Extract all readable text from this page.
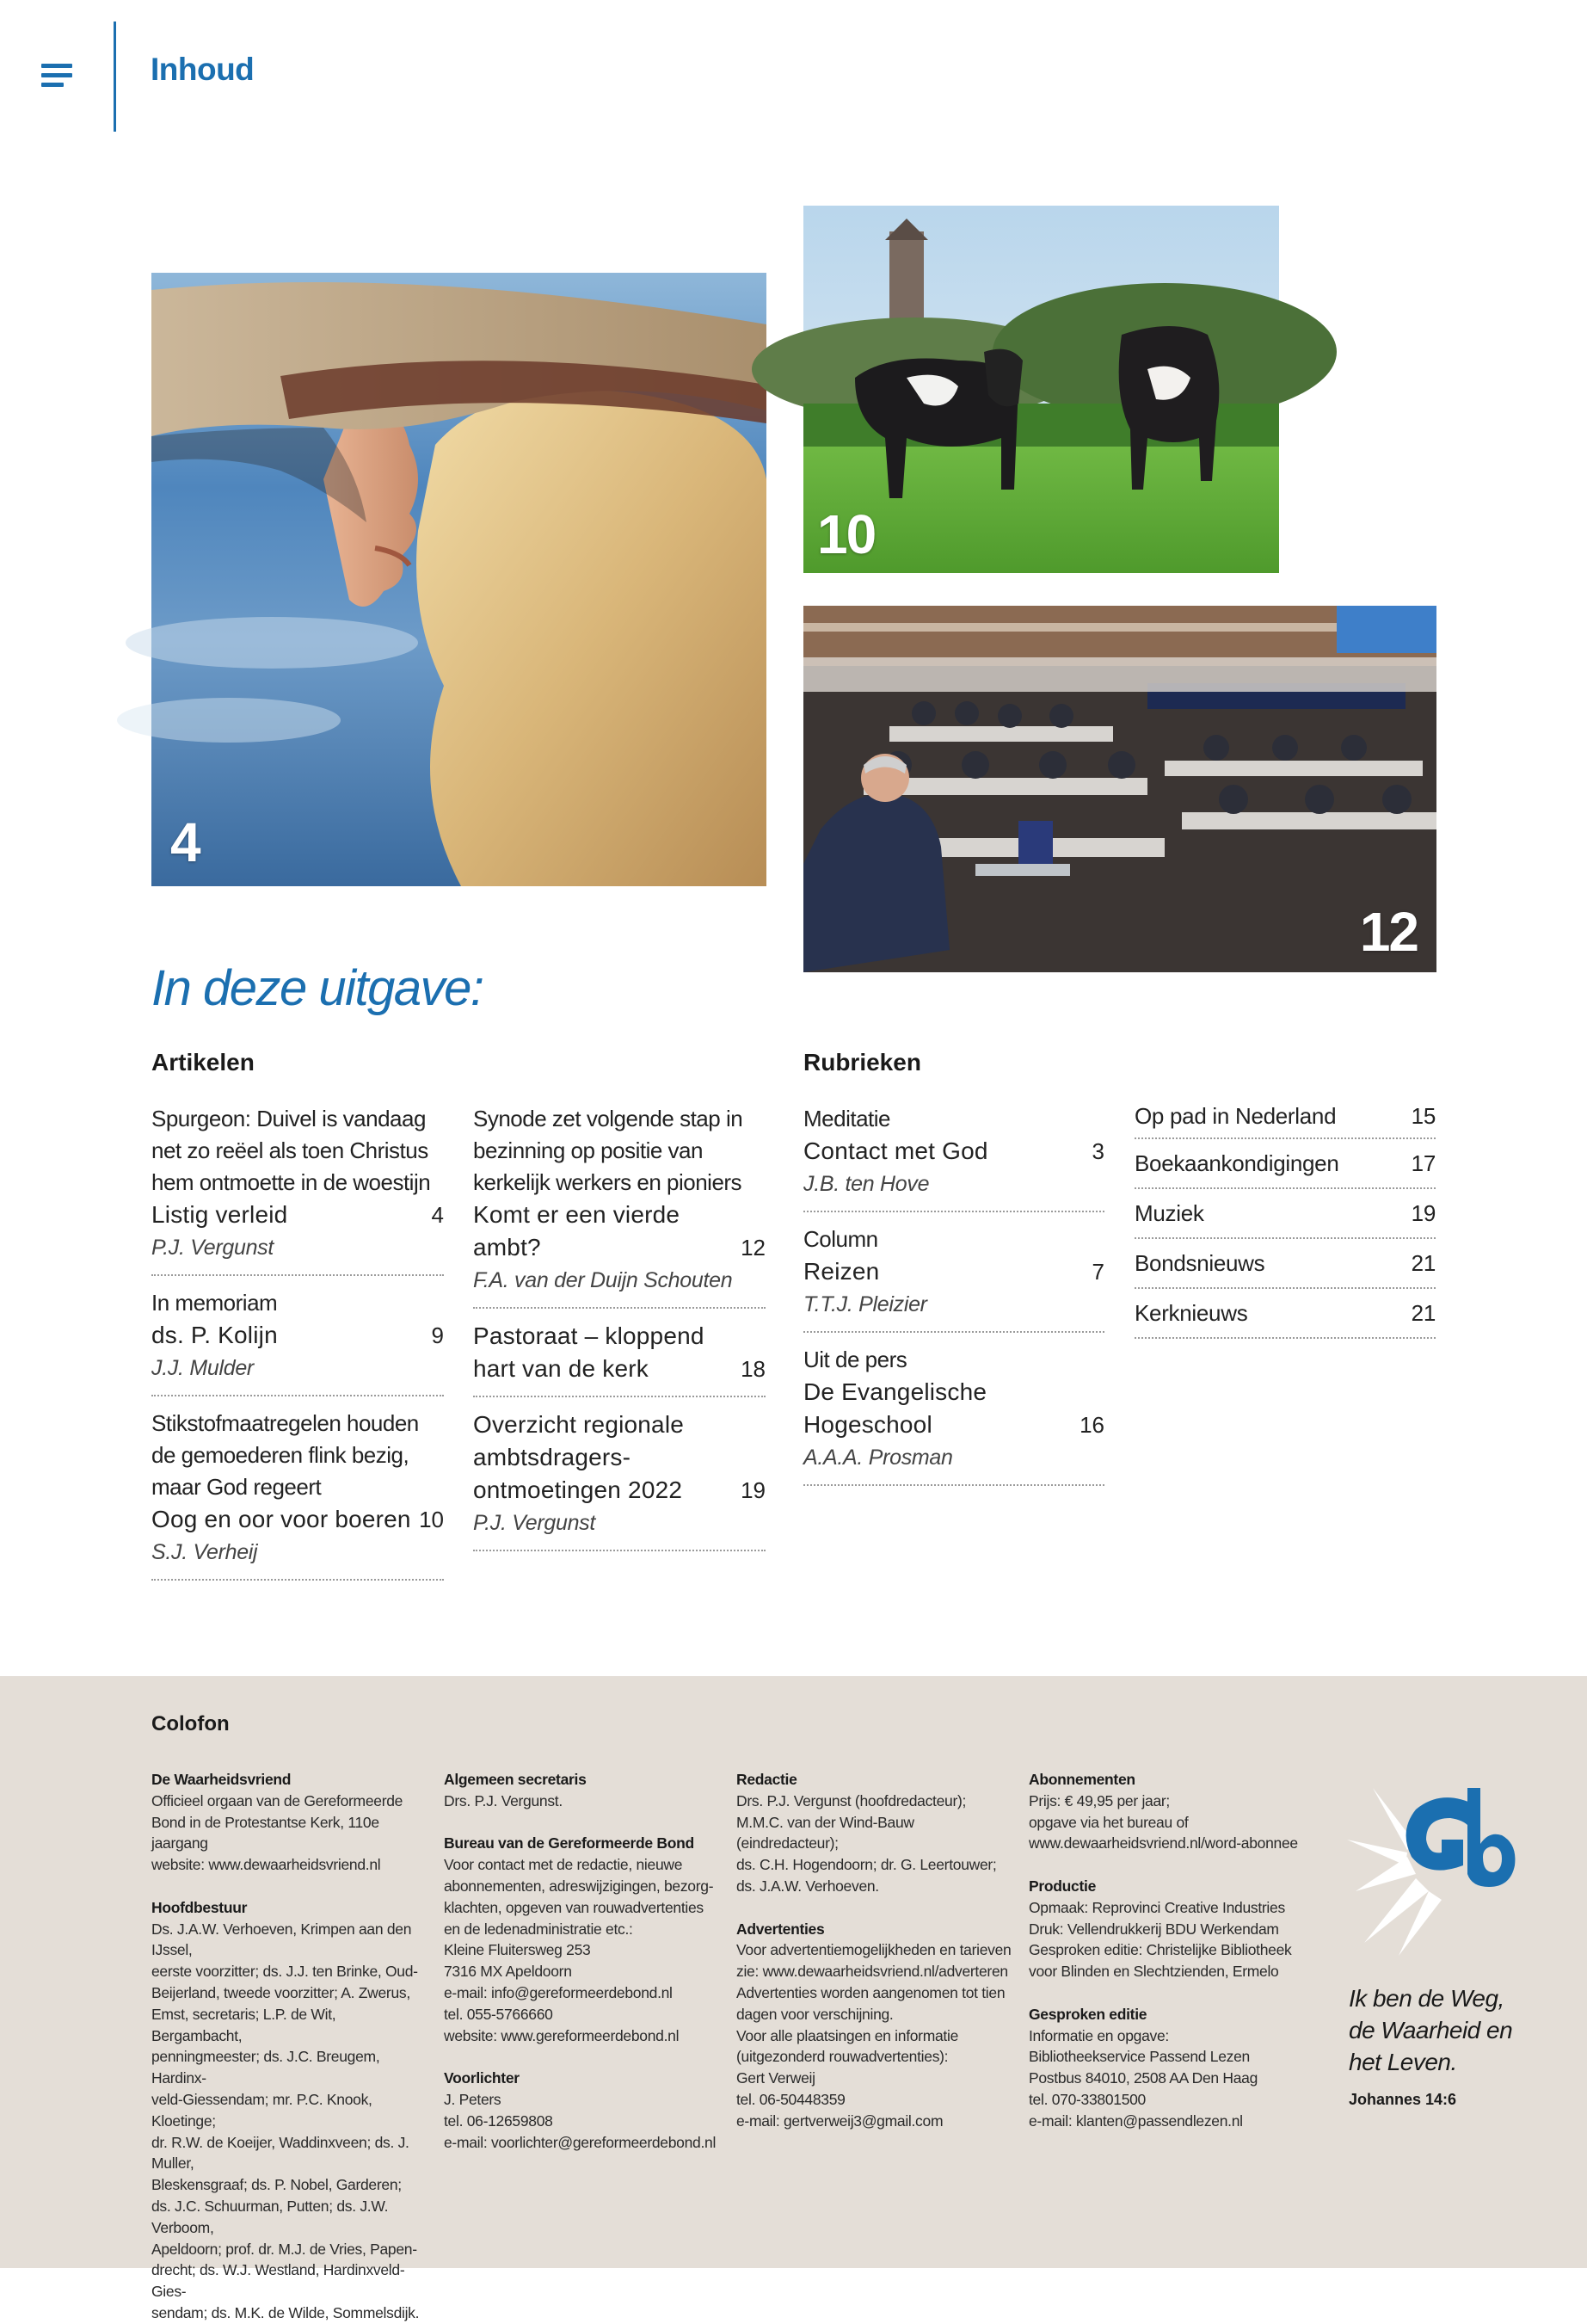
Inhoud
4
10
12
In deze uitgave:
Artikelen	Rubrieken
Spurgeon: Duivel is vandaag net zo reëel als toen Christus hem ontmoette in de woestijn
Listig verleid	4
P.J. Vergunst
In memoriam
ds. P. Kolijn	9
J.J. Mulder
Stikstofmaatregelen houden de gemoederen flink bezig, maar God regeert
Oog en oor voor boeren 10
S.J. Verheij
Synode zet volgende stap in bezinning op positie van kerkelijk werkers en pioniers
Komt er een vierde ambt?	12
F.A. van der Duijn Schouten
Pastoraat – kloppend hart van de kerk	18
Overzicht regionale ambtsdragers-ontmoetingen 2022	19
P.J. Vergunst
Meditatie
Contact met God	3
J.B. ten Hove
Column
Reizen	7
T.T.J. Pleizier
Uit de pers
De Evangelische Hogeschool	16
A.A.A. Prosman
Op pad in Nederland	15
Boekaankondigingen	17
Muziek	19
Bondsnieuws	21
Kerknieuws	21
Colofon
De Waarheidsvriend
Officieel orgaan van de Gereformeerde
Bond in de Protestantse Kerk, 110e jaargang
website: www.dewaarheidsvriend.nl
Hoofdbestuur
Ds. J.A.W. Verhoeven, Krimpen aan den IJssel,
eerste voorzitter; ds. J.J. ten Brinke, Oud-
Beijerland, tweede voorzitter; A. Zwerus,
Emst, secretaris; L.P. de Wit, Bergambacht,
penningmeester; ds. J.C. Breugem, Hardinx-
veld-Giessendam; mr. P.C. Knook, Kloetinge;
dr. R.W. de Koeijer, Waddinxveen; ds. J. Muller,
Bleskensgraaf; ds. P. Nobel, Garderen;
ds. J.C. Schuurman, Putten; ds. J.W. Verboom,
Apeldoorn; prof. dr. M.J. de Vries, Papen-
drecht; ds. W.J. Westland, Hardinxveld-Gies-
sendam; ds. M.K. de Wilde, Sommelsdijk.
Algemeen secretaris
Drs. P.J. Vergunst.
Bureau van de Gereformeerde Bond
Voor contact met de redactie, nieuwe
abonnementen, adreswijzigingen, bezorg-
klachten, opgeven van rouwadvertenties
en de ledenadministratie etc.:
Kleine Fluitersweg 253
7316 MX Apeldoorn
e-mail: info@gereformeerdebond.nl
tel. 055-5766660
website: www.gereformeerdebond.nl
Voorlichter
J. Peters
tel. 06-12659808
e-mail: voorlichter@gereformeerdebond.nl
Redactie
Drs. P.J. Vergunst (hoofdredacteur);
M.M.C. van der Wind-Bauw (eindredacteur);
ds. C.H. Hogendoorn; dr. G. Leertouwer;
ds. J.A.W. Verhoeven.
Advertenties
Voor advertentiemogelijkheden en tarieven
zie: www.dewaarheidsvriend.nl/adverteren
Advertenties worden aangenomen tot tien
dagen voor verschijning.
Voor alle plaatsingen en informatie
(uitgezonderd rouwadvertenties):
Gert Verweij
tel. 06-50448359
e-mail: gertverweij3@gmail.com
Abonnementen
Prijs: € 49,95 per jaar;
opgave via het bureau of
www.dewaarheidsvriend.nl/word-abonnee
Productie
Opmaak: Reprovinci Creative Industries
Druk: Vellendrukkerij BDU Werkendam
Gesproken editie: Christelijke Bibliotheek
voor Blinden en Slechtzienden, Ermelo
Gesproken editie
Informatie en opgave:
Bibliotheekservice Passend Lezen
Postbus 84010, 2508 AA Den Haag
tel. 070-33801500
e-mail: klanten@passendlezen.nl
Ik ben de Weg,
de Waarheid en
het Leven.
Johannes 14:6
